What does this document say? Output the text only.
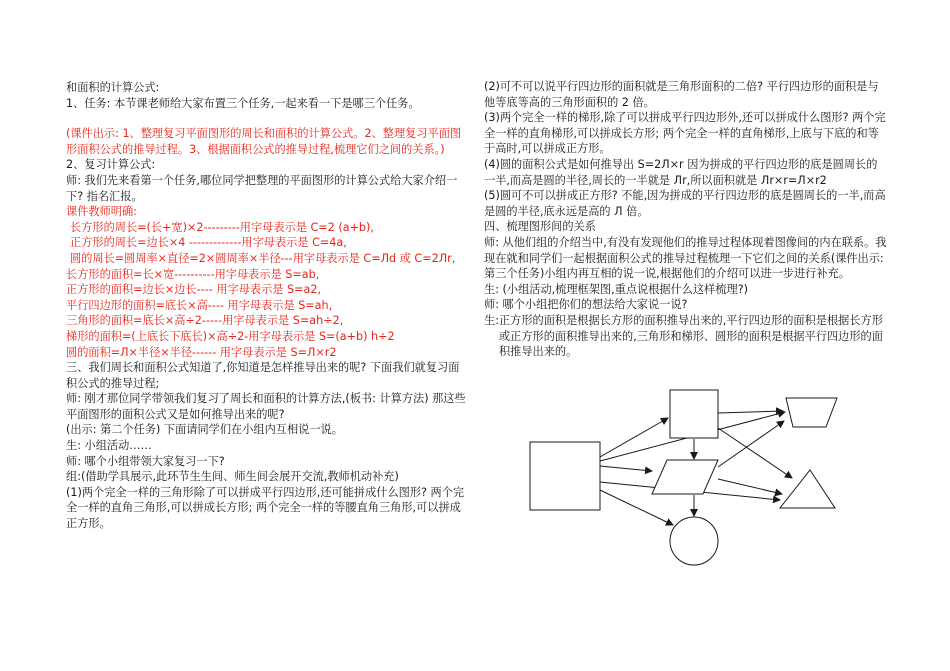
和面积的计算公式:

1、任务: 本节课老师给大家布置三个任务,一起来看一下是哪三个任务。

(课件出示: 1、整理复习平面图形的周长和面积的计算公式。2、整理复习平面图形面积公式的推导过程。3、根据面积公式的推导过程,梳理它们之间的关系。)

2、复习计算公式:

师: 我们先来看第一个任务,哪位同学把整理的平面图形的计算公式给大家介绍一下? 指名汇报。

课件教师明确:

长方形的周长=(长+宽)×2---------用字母表示是 C=2 (a+b),

正方形的周长=边长×4 -------------用字母表示是 C=4a,

圆的周长=圆周率×直径=2×圆周率×半径---用字母表示是 C=Лd 或 C=2Лr,

长方形的面积=长×宽----------用字母表示是 S=ab,

正方形的面积=边长×边长---- 用字母表示是 S=a2,

平行四边形的面积=底长×高---- 用字母表示是 S=ah,

三角形的面积=底长×高÷2-----用字母表示是 S=ah÷2,

梯形的面积=(上底长下底长)×高÷2-用字母表示是 S=(a+b) h÷2

圆的面积=Л×半径×半径------ 用字母表示是 S=Л×r2

三、我们周长和面积公式知道了,你知道是怎样推导出来的呢? 下面我们就复习面积公式的推导过程;

师: 刚才那位同学带领我们复习了周长和面积的计算方法,(板书: 计算方法) 那这些平面图形的面积公式又是如何推导出来的呢?

(出示: 第二个任务) 下面请同学们在小组内互相说一说。

生: 小组活动……

师: 哪个小组带领大家复习一下?

组:(借助学具展示,此环节生生间、师生间会展开交流,教师机动补充)

(1)两个完全一样的三角形除了可以拼成平行四边形,还可能拼成什么图形? 两个完全一样的直角三角形,可以拼成长方形; 两个完全一样的等腰直角三角形,可以拼成正方形。

(2)可不可以说平行四边形的面积就是三角形面积的二倍? 平行四边形的面积是与他等底等高的三角形面积的 2 倍。

(3)两个完全一样的梯形,除了可以拼成平行四边形外,还可以拼成什么图形? 两个完全一样的直角梯形,可以拼成长方形; 两个完全一样的直角梯形,上底与下底的和等于高时,可以拼成正方形。

(4)圆的面积公式是如何推导出 S=2Л×r 因为拼成的平行四边形的底是圆周长的一半,而高是圆的半径,周长的一半就是 Лr,所以面积就是 Лr×r=Л×r2

(5)圆可不可以拼成正方形? 不能,因为拼成的平行四边形的底是圆周长的一半,而高是圆的半径,底永远是高的 Л 倍。

四、梳理图形间的关系

师: 从他们组的介绍当中,有没有发现他们的推导过程体现着图像间的内在联系。我现在就和同学们一起根据面积公式的推导过程梳理一下它们之间的关系(课件出示: 第三个任务)小组内再互相的说一说,根据他们的介绍可以进一步进行补充。

生: (小组活动,梳理框架图,重点说根据什么这样梳理?)

师: 哪个小组把你们的想法给大家说一说?

生: 正方形的面积是根据长方形的面积推导出来的,平行四边形的面积是根据长方形或正方形的面积推导出来的,三角形和梯形、圆形的面积是根据平行四边形的面积推导出来的。
